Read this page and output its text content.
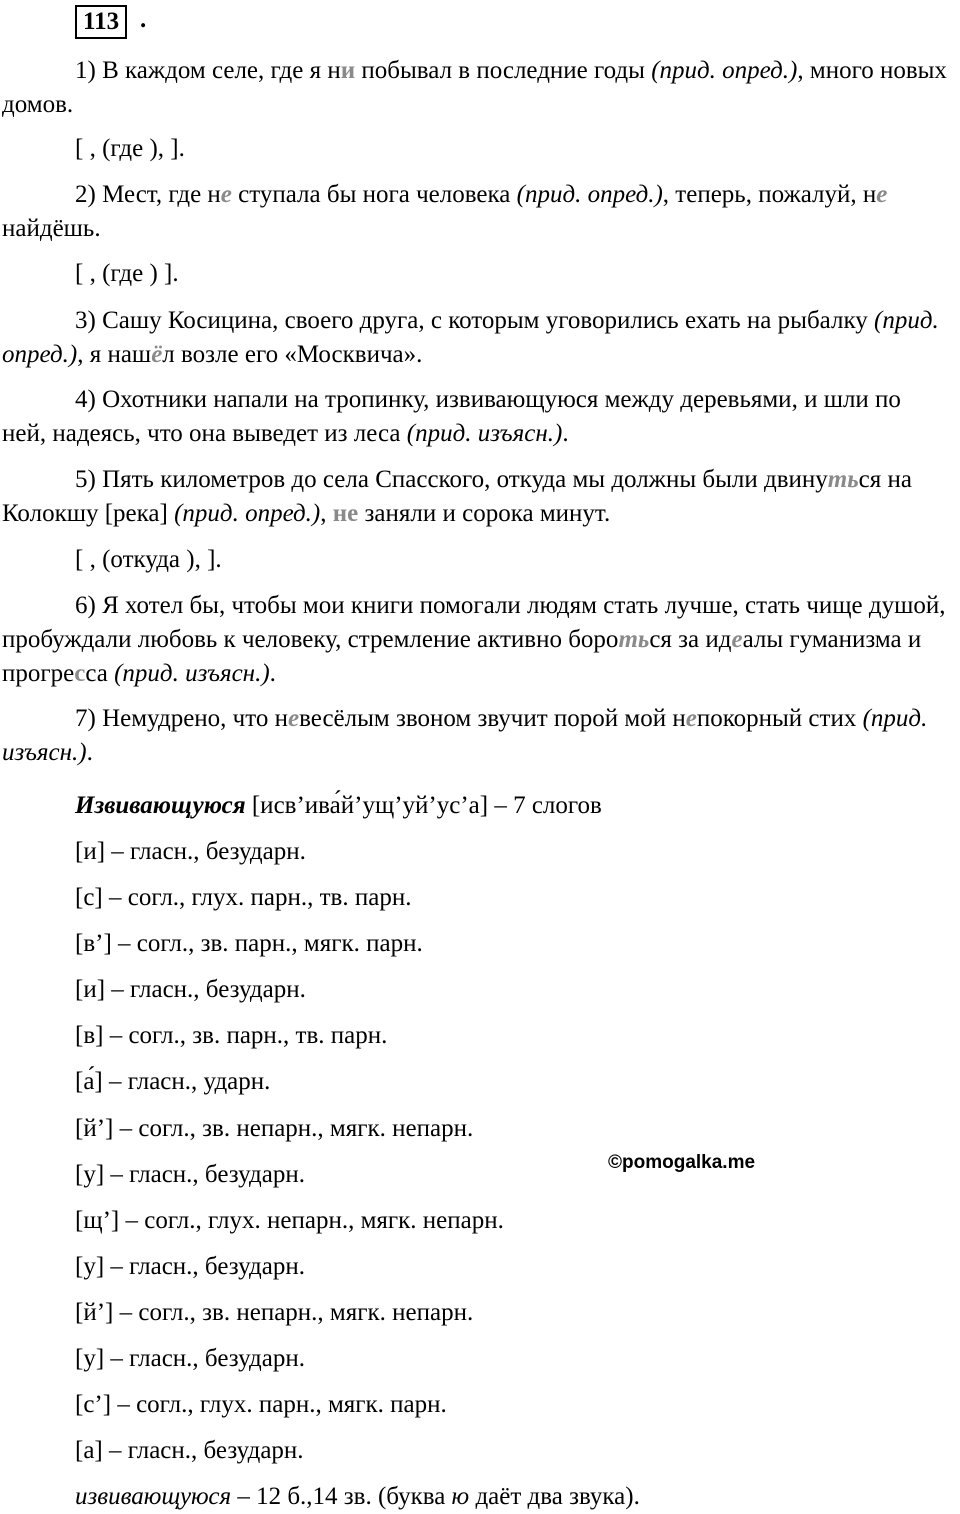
113 .
1) В каждом селе, где я ни побывал в последние годы (прид. опред.), много новых домов.
[ , (где ), ].
2) Мест, где не ступала бы нога человека (прид. опред.), теперь, пожалуй, не найдёшь.
[ , (где ) ].
3) Сашу Косицина, своего друга, с которым уговорились ехать на рыбалку (прид. опред.), я нашёл возле его «Москвича».
4) Охотники напали на тропинку, извивающуюся между деревьями, и шли по ней, надеясь, что она выведет из леса (прид. изъясн.).
5) Пять километров до села Спасского, откуда мы должны были двинуться на Колокшу [река] (прид. опред.), не заняли и сорока минут.
[ , (откуда ), ].
6) Я хотел бы, чтобы мои книги помогали людям стать лучше, стать чище душой, пробуждали любовь к человеку, стремление активно бороться за идеалы гуманизма и прогресса (прид. изъясн.).
7) Немудрено, что невесёлым звоном звучит порой мой непокорный стих (прид. изъясн.).
Извивающуюся [исв’ива́й’ущ’уй’ус’а] – 7 слогов
[и] – гласн., безударн.
[с] – согл., глух. парн., тв. парн.
[в’] – согл., зв. парн., мягк. парн.
[и] – гласн., безударн.
[в] – согл., зв. парн., тв. парн.
[а́] – гласн., ударн.
[й’] – согл., зв. непарн., мягк. непарн.
[у] – гласн., безударн.
[щ’] – согл., глух. непарн., мягк. непарн.
[у] – гласн., безударн.
[й’] – согл., зв. непарн., мягк. непарн.
[у] – гласн., безударн.
[с’] – согл., глух. парн., мягк. парн.
[а] – гласн., безударн.
извивающуюся – 12 б.,14 зв. (буква ю даёт два звука).
©pomogalka.me
